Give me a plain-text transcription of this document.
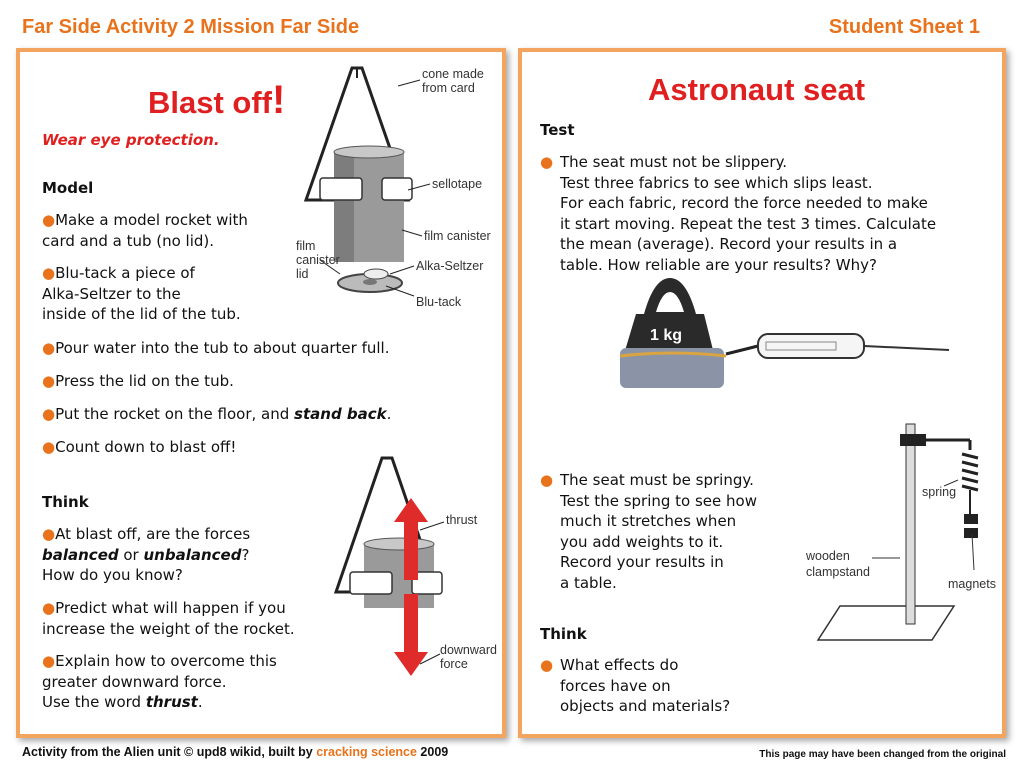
Far Side Activity 2 Mission Far Side	Student Sheet 1
Blast off!
Wear eye protection.
Model
●Make a model rocket with
card and a tub (no lid).
●Blu-tack a piece of
Alka-Seltzer to the
inside of the lid of the tub.
●Pour water into the tub to about quarter full.
●Press the lid on the tub.
●Put the rocket on the floor, and stand back.
●Count down to blast off!
Think
●At blast off, are the forces
balanced or unbalanced?
How do you know?
●Predict what will happen if you
increase the weight of the rocket.
●Explain how to overcome this
greater downward force.
Use the word thrust.
cone made
from card
sellotape
film canister
film
canister
lid
Alka-Seltzer
Blu-tack
thrust
downward
force
Astronaut seat
Test
● The seat must not be slippery.
Test three fabrics to see which slips least.
For each fabric, record the force needed to make
it start moving. Repeat the test 3 times. Calculate
the mean (average). Record your results in a
table. How reliable are your results? Why?
1 kg
● The seat must be springy.
Test the spring to see how
much it stretches when
you add weights to it.
Record your results in
a table.
spring
magnets
wooden
clampstand
Think
● What effects do
forces have on
objects and materials?
Activity from the Alien unit © upd8 wikid, built by cracking science 2009	This page may have been changed from the original
